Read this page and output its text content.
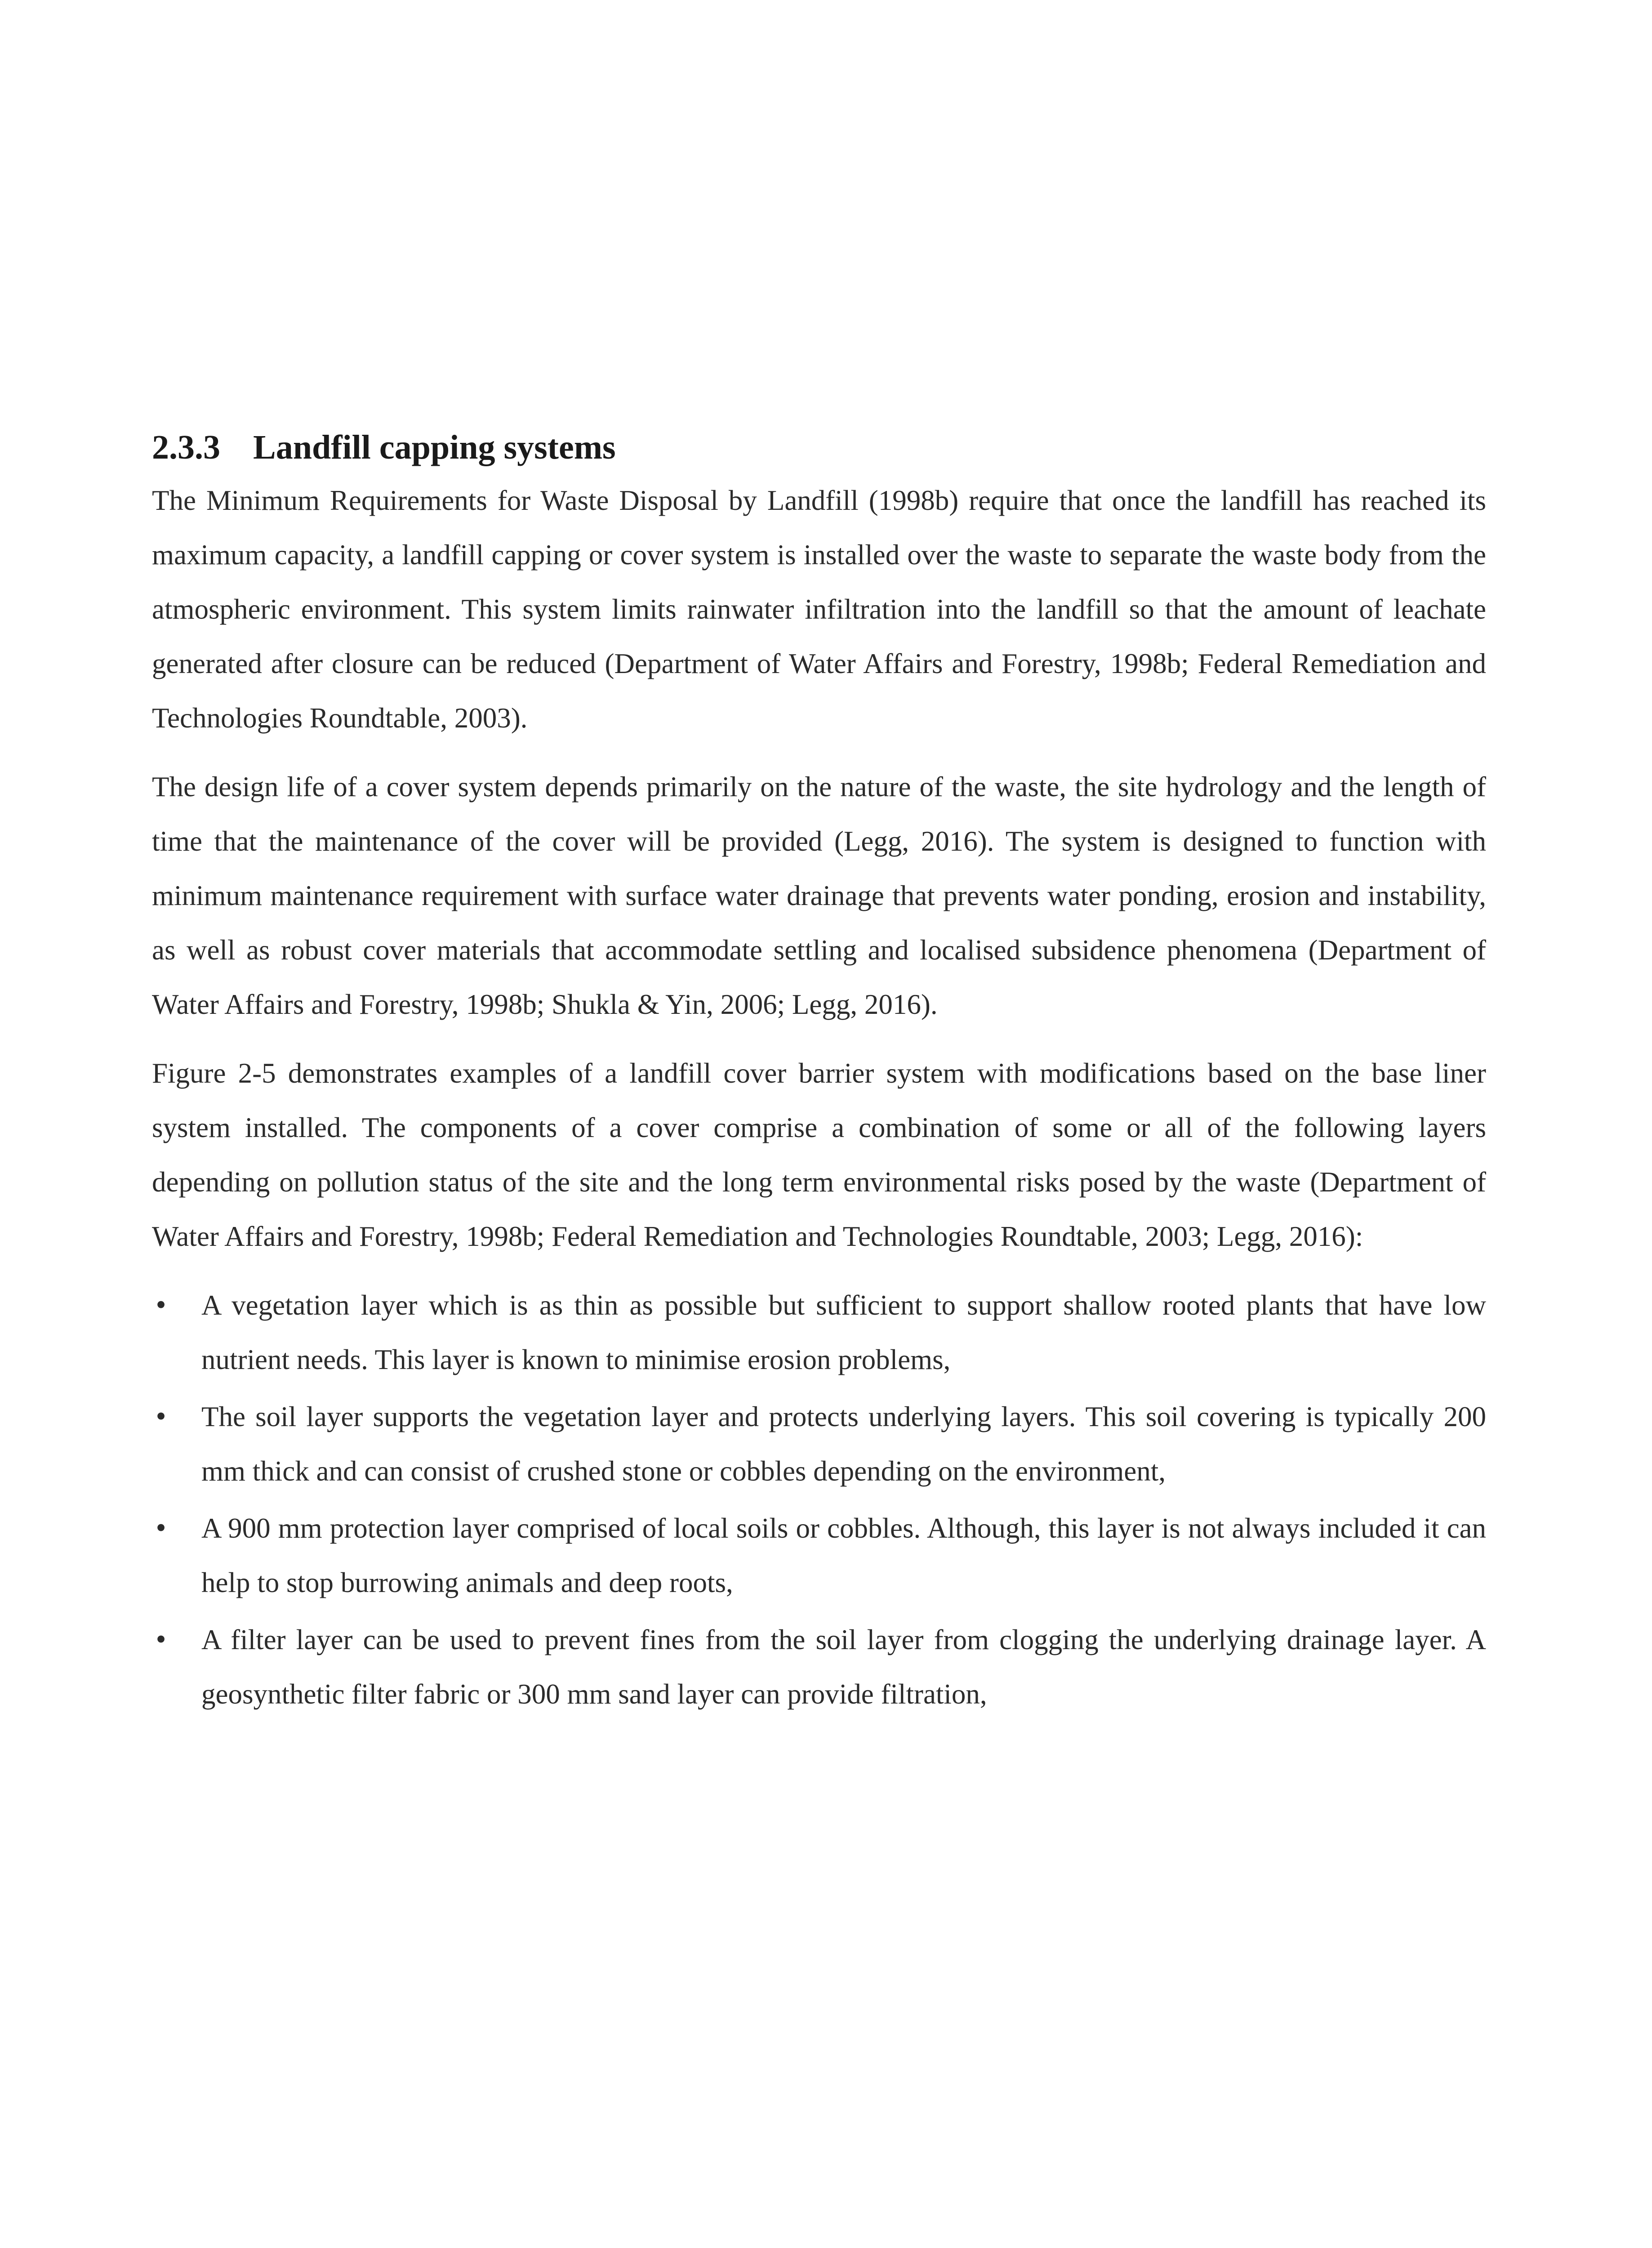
2.3.3 Landfill capping systems

The Minimum Requirements for Waste Disposal by Landfill (1998b) require that once the landfill has reached its maximum capacity, a landfill capping or cover system is installed over the waste to separate the waste body from the atmospheric environment. This system limits rainwater infiltration into the landfill so that the amount of leachate generated after closure can be reduced (Department of Water Affairs and Forestry, 1998b; Federal Remediation and Technologies Roundtable, 2003).

The design life of a cover system depends primarily on the nature of the waste, the site hydrology and the length of time that the maintenance of the cover will be provided (Legg, 2016). The system is designed to function with minimum maintenance requirement with surface water drainage that prevents water ponding, erosion and instability, as well as robust cover materials that accommodate settling and localised subsidence phenomena (Department of Water Affairs and Forestry, 1998b; Shukla & Yin, 2006; Legg, 2016).

Figure 2-5 demonstrates examples of a landfill cover barrier system with modifications based on the base liner system installed. The components of a cover comprise a combination of some or all of the following layers depending on pollution status of the site and the long term environmental risks posed by the waste (Department of Water Affairs and Forestry, 1998b; Federal Remediation and Technologies Roundtable, 2003; Legg, 2016):

• A vegetation layer which is as thin as possible but sufficient to support shallow rooted plants that have low nutrient needs. This layer is known to minimise erosion problems,
• The soil layer supports the vegetation layer and protects underlying layers. This soil covering is typically 200 mm thick and can consist of crushed stone or cobbles depending on the environment,
• A 900 mm protection layer comprised of local soils or cobbles. Although, this layer is not always included it can help to stop burrowing animals and deep roots,
• A filter layer can be used to prevent fines from the soil layer from clogging the underlying drainage layer. A geosynthetic filter fabric or 300 mm sand layer can provide filtration,
